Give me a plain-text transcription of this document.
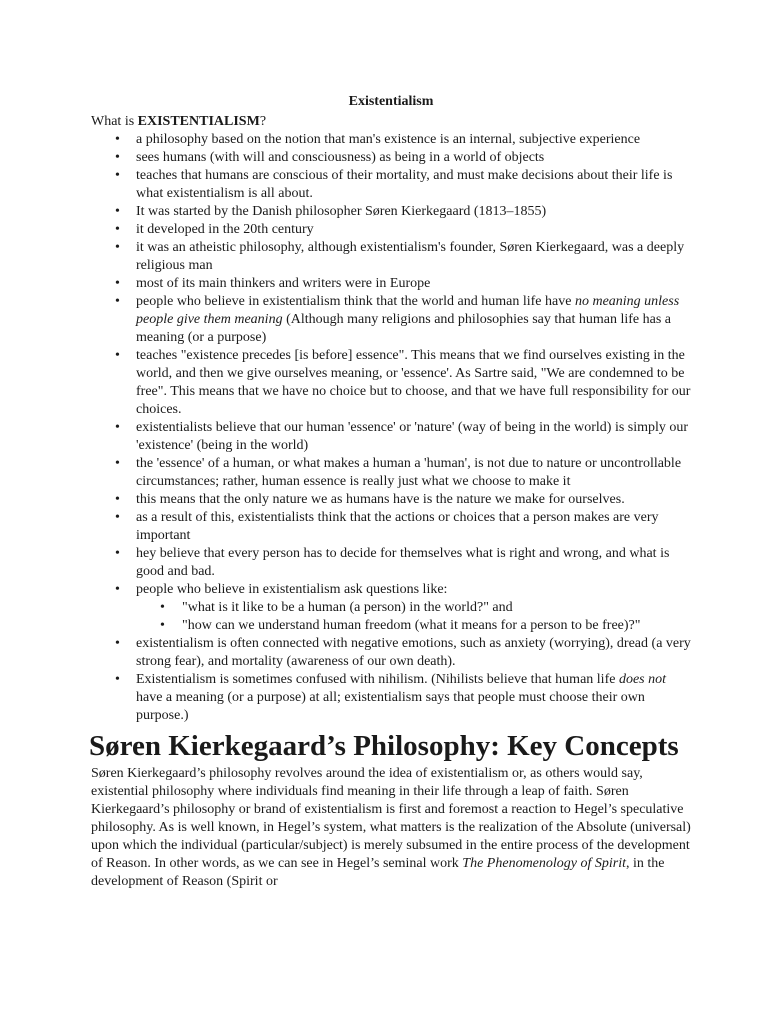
Existentialism

What is EXISTENTIALISM?

• a philosophy based on the notion that man's existence is an internal, subjective experience
• sees humans (with will and consciousness) as being in a world of objects
• teaches that humans are conscious of their mortality, and must make decisions about their life is what existentialism is all about.
• It was started by the Danish philosopher Søren Kierkegaard (1813–1855)
• it developed in the 20th century
• it was an atheistic philosophy, although existentialism's founder, Søren Kierkegaard, was a deeply religious man
• most of its main thinkers and writers were in Europe
• people who believe in existentialism think that the world and human life have no meaning unless people give them meaning (Although many religions and philosophies say that human life has a meaning (or a purpose)
• teaches "existence precedes [is before] essence". This means that we find ourselves existing in the world, and then we give ourselves meaning, or 'essence'. As Sartre said, "We are condemned to be free". This means that we have no choice but to choose, and that we have full responsibility for our choices.
• existentialists believe that our human 'essence' or 'nature' (way of being in the world) is simply our 'existence' (being in the world)
• the 'essence' of a human, or what makes a human a 'human', is not due to nature or uncontrollable circumstances; rather, human essence is really just what we choose to make it
• this means that the only nature we as humans have is the nature we make for ourselves.
• as a result of this, existentialists think that the actions or choices that a person makes are very important
• hey believe that every person has to decide for themselves what is right and wrong, and what is good and bad.
• people who believe in existentialism ask questions like:
• "what is it like to be a human (a person) in the world?" and
• "how can we understand human freedom (what it means for a person to be free)?"
• existentialism is often connected with negative emotions, such as anxiety (worrying), dread (a very strong fear), and mortality (awareness of our own death).
• Existentialism is sometimes confused with nihilism. (Nihilists believe that human life does not have a meaning (or a purpose) at all; existentialism says that people must choose their own purpose.)
Søren Kierkegaard’s Philosophy: Key Concepts

Søren Kierkegaard’s philosophy revolves around the idea of existentialism or, as others would say, existential philosophy where individuals find meaning in their life through a leap of faith. Søren Kierkegaard’s philosophy or brand of existentialism is first and foremost a reaction to Hegel’s speculative philosophy. As is well known, in Hegel’s system, what matters is the realization of the Absolute (universal) upon which the individual (particular/subject) is merely subsumed in the entire process of the development of Reason. In other words, as we can see in Hegel’s seminal work The Phenomenology of Spirit, in the development of Reason (Spirit or
